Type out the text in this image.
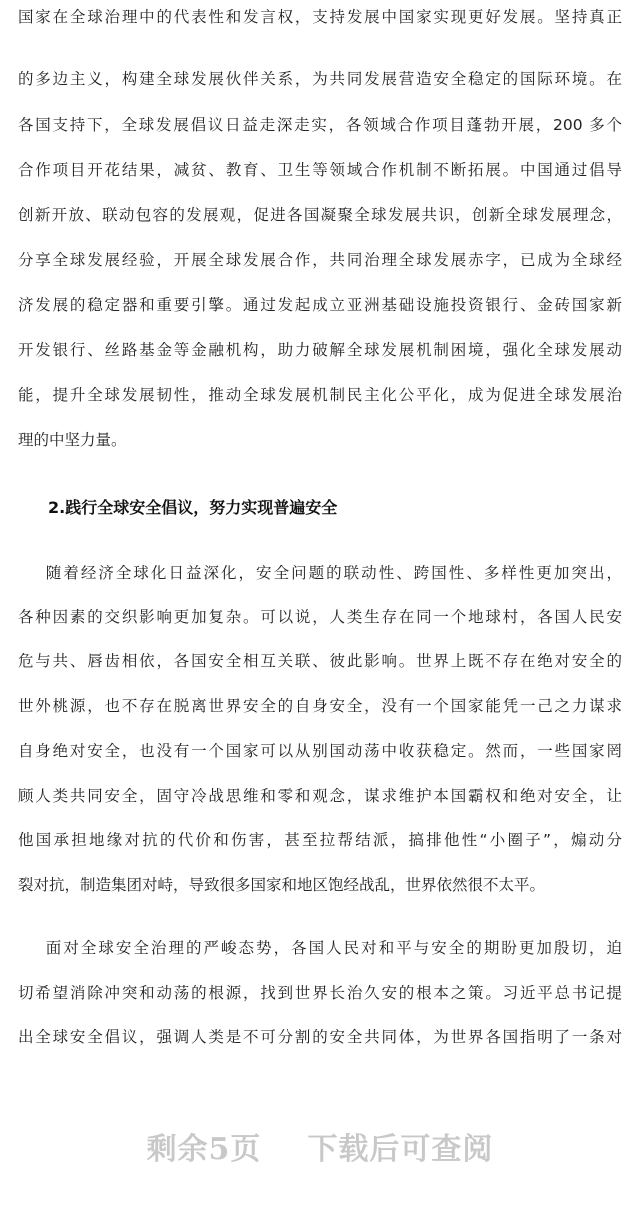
国家在全球治理中的代表性和发言权，支持发展中国家实现更好发展。坚持真正

的多边主义，构建全球发展伙伴关系，为共同发展营造安全稳定的国际环境。在

各国支持下，全球发展倡议日益走深走实，各领域合作项目蓬勃开展，200 多个

合作项目开花结果，减贫、教育、卫生等领域合作机制不断拓展。中国通过倡导

创新开放、联动包容的发展观，促进各国凝聚全球发展共识，创新全球发展理念，

分享全球发展经验，开展全球发展合作，共同治理全球发展赤字，已成为全球经

济发展的稳定器和重要引擎。通过发起成立亚洲基础设施投资银行、金砖国家新

开发银行、丝路基金等金融机构，助力破解全球发展机制困境，强化全球发展动

能，提升全球发展韧性，推动全球发展机制民主化公平化，成为促进全球发展治

理的中坚力量。

2.践行全球安全倡议，努力实现普遍安全

随着经济全球化日益深化，安全问题的联动性、跨国性、多样性更加突出，

各种因素的交织影响更加复杂。可以说，人类生存在同一个地球村，各国人民安

危与共、唇齿相依，各国安全相互关联、彼此影响。世界上既不存在绝对安全的

世外桃源，也不存在脱离世界安全的自身安全，没有一个国家能凭一己之力谋求

自身绝对安全，也没有一个国家可以从别国动荡中收获稳定。然而，一些国家罔

顾人类共同安全，固守冷战思维和零和观念，谋求维护本国霸权和绝对安全，让

他国承担地缘对抗的代价和伤害，甚至拉帮结派，搞排他性“小圈子”，煽动分

裂对抗，制造集团对峙，导致很多国家和地区饱经战乱，世界依然很不太平。

面对全球安全治理的严峻态势，各国人民对和平与安全的期盼更加殷切，迫

切希望消除冲突和动荡的根源，找到世界长治久安的根本之策。习近平总书记提

出全球安全倡议，强调人类是不可分割的安全共同体，为世界各国指明了一条对

剩余5页 下载后可查阅
